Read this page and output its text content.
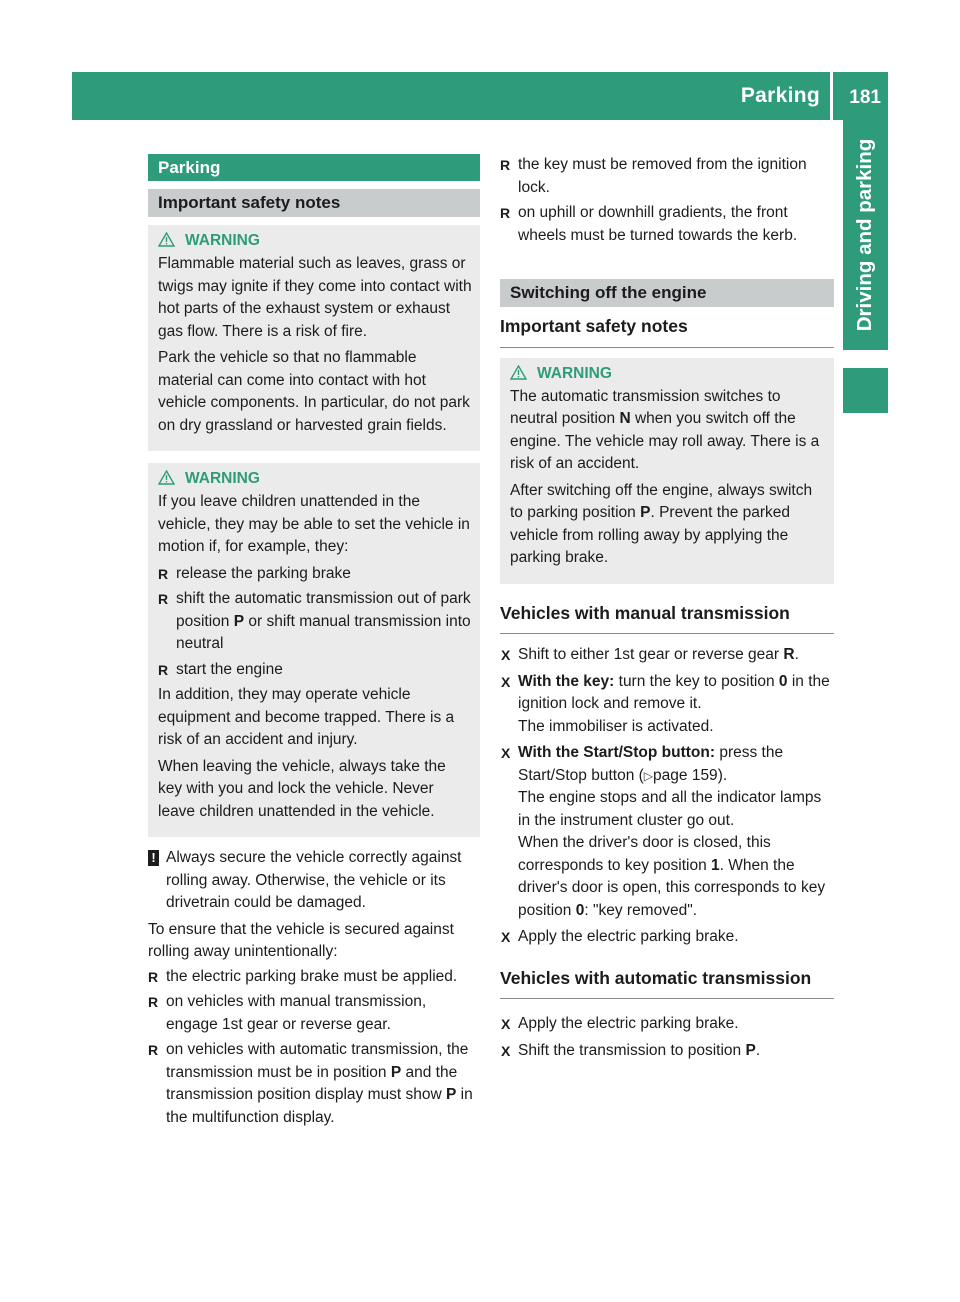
Parking 181
Driving and parking
Parking
Important safety notes
WARNING

Flammable material such as leaves, grass or twigs may ignite if they come into contact with hot parts of the exhaust system or exhaust gas flow. There is a risk of fire.

Park the vehicle so that no flammable material can come into contact with hot vehicle components. In particular, do not park on dry grassland or harvested grain fields.

WARNING

If you leave children unattended in the vehicle, they may be able to set the vehicle in motion if, for example, they:

R release the parking brake
R shift the automatic transmission out of park position P or shift manual transmission into neutral
R start the engine

In addition, they may operate vehicle equipment and become trapped. There is a risk of an accident and injury.

When leaving the vehicle, always take the key with you and lock the vehicle. Never leave children unattended in the vehicle.

! Always secure the vehicle correctly against rolling away. Otherwise, the vehicle or its drivetrain could be damaged.

To ensure that the vehicle is secured against rolling away unintentionally:

R the electric parking brake must be applied.
R on vehicles with manual transmission, engage 1st gear or reverse gear.
R on vehicles with automatic transmission, the transmission must be in position P and the transmission position display must show P in the multifunction display.
R the key must be removed from the ignition lock.
R on uphill or downhill gradients, the front wheels must be turned towards the kerb.
Switching off the engine
Important safety notes
WARNING

The automatic transmission switches to neutral position N when you switch off the engine. The vehicle may roll away. There is a risk of an accident.

After switching off the engine, always switch to parking position P. Prevent the parked vehicle from rolling away by applying the parking brake.

Vehicles with manual transmission
X Shift to either 1st gear or reverse gear R.
X With the key: turn the key to position 0 in the ignition lock and remove it.
The immobiliser is activated.
X With the Start/Stop button: press the Start/Stop button (▷page 159).
The engine stops and all the indicator lamps in the instrument cluster go out.
When the driver's door is closed, this corresponds to key position 1. When the driver's door is open, this corresponds to key position 0: "key removed".
X Apply the electric parking brake.
Vehicles with automatic transmission
X Apply the electric parking brake.
X Shift the transmission to position P.
